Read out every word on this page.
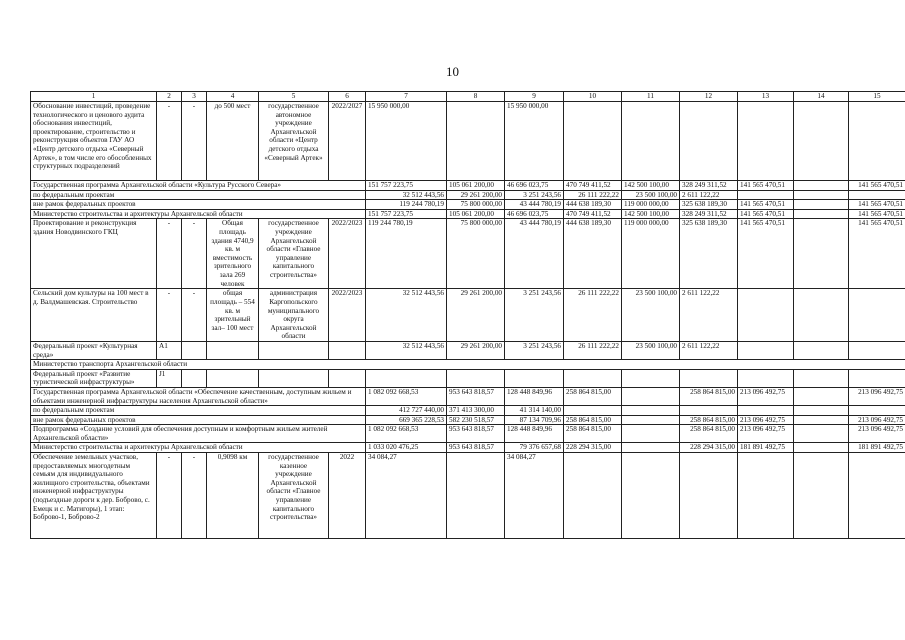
10
1	2	3	4	5	6	7	8	9	10	11	12	13	14	15
Обоснование инвестиций, проведение технологического и ценового аудита обоснования инвестиций, проектирование, строительство и реконструкция объектов ГАУ АО «Центр детского отдыха «Северный Артек», в том числе его обособленных структурных подразделений	-	-	до 500 мест	государственное автономное учреждение Архангельской области «Центр детского отдыха «Северный Артек»	2022/2027	15 950 000,00		15 950 000,00						
Государственная программа Архангельской области «Культура Русского Севера»						151 757 223,75	105 061 200,00	46 696 023,75	470 749 411,52	142 500 100,00	328 249 311,52	141 565 470,51		141 565 470,51
по федеральным проектам						32 512 443,56	29 261 200,00	3 251 243,56	26 111 222,22	23 500 100,00	2 611 122,22			
вне рамок федеральных проектов						119 244 780,19	75 800 000,00	43 444 780,19	444 638 189,30	119 000 000,00	325 638 189,30	141 565 470,51		141 565 470,51
Министерство строительства и архитектуры Архангельской области						151 757 223,75	105 061 200,00	46 696 023,75	470 749 411,52	142 500 100,00	328 249 311,52	141 565 470,51		141 565 470,51
Проектирование и реконструкция здания Новодвинского ГКЦ	-	-	Общая площадь здания 4740,9 кв. м вместимость зрительного зала 269 человек	государственное учреждение Архангельской области «Главное управление капитального строительства»	2022/2023	119 244 780,19	75 800 000,00	43 444 780,19	444 638 189,30	119 000 000,00	325 638 189,30	141 565 470,51		141 565 470,51
Сельский дом культуры на 100 мест в д. Валдмашевская. Строительство	-	-	общая площадь – 554 кв. м зрительный зал– 100 мест	администрация Каргопольского муниципального округа Архангельской области	2022/2023	32 512 443,56	29 261 200,00	3 251 243,56	26 111 222,22	23 500 100,00	2 611 122,22			
Федеральный проект «Культурная среда»	А1					32 512 443,56	29 261 200,00	3 251 243,56	26 111 222,22	23 500 100,00	2 611 122,22			
Министерство транспорта Архангельской области														
Федеральный проект «Развитие туристической инфраструктуры»	J1													
Государственная программа Архангельской области «Обеспечение качественным, доступным жильем и объектами инженерной инфраструктуры населения Архангельской области»						1 082 092 668,53	953 643 818,57	128 448 849,96	258 864 815,00		258 864 815,00	213 096 492,75		213 096 492,75
по федеральным проектам						412 727 440,00	371 413 300,00	41 314 140,00						
вне рамок федеральных проектов						669 365 228,53	582 230 518,57	87 134 709,96	258 864 815,00		258 864 815,00	213 096 492,75		213 096 492,75
Подпрограмма «Создание условий для обеспечения доступным и комфортным жильем жителей Архангельской области»						1 082 092 668,53	953 643 818,57	128 448 849,96	258 864 815,00		258 864 815,00	213 096 492,75		213 096 492,75
Министерство строительства и архитектуры Архангельской области						1 033 020 476,25	953 643 818,57	79 376 657,68	228 294 315,00		228 294 315,00	181 891 492,75		181 891 492,75
Обеспечение земельных участков, предоставляемых многодетным семьям для индивидуального жилищного строительства, объектами инженерной инфраструктуры (подъездные дороги к дер. Боброво, с. Емецк и с. Матигоры), 1 этап: Боброво-1, Боброво-2	-	-	0,9098 км	государственное казенное учреждение Архангельской области «Главное управление капитального строительства»	2022	34 084,27		34 084,27						
